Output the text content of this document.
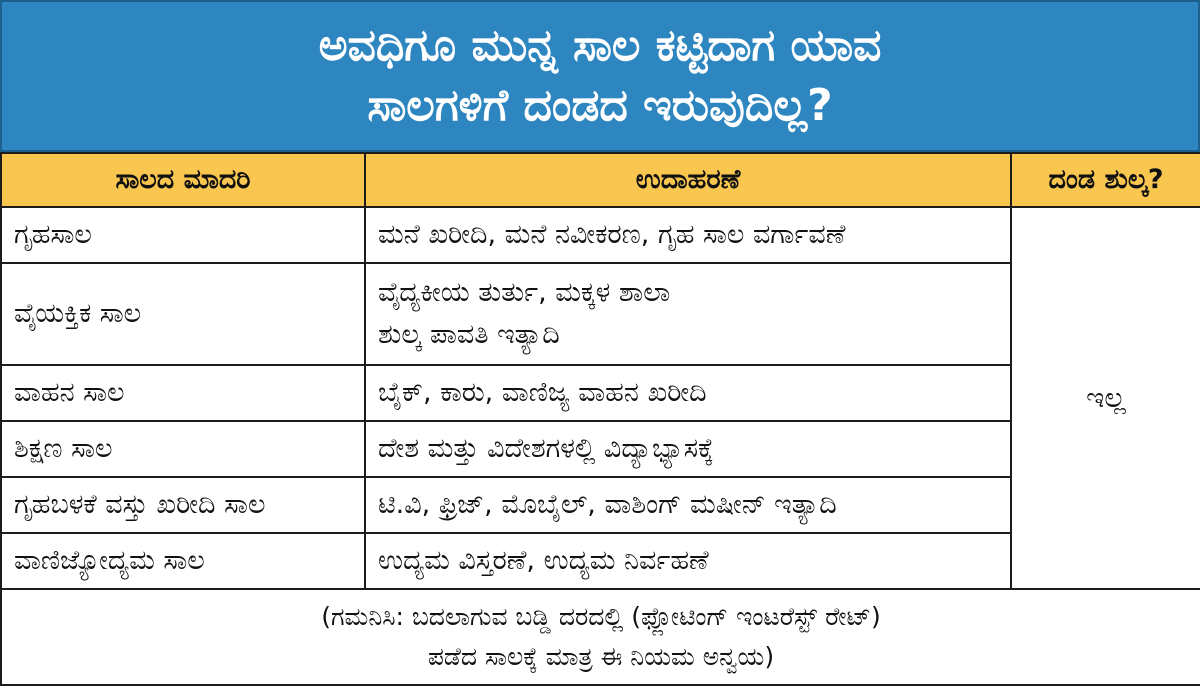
ಅವಧಿಗೂ ಮುನ್ನ ಸಾಲ ಕಟ್ಟಿದಾಗ ಯಾವ
ಸಾಲಗಳಿಗೆ ದಂಡದ ಇರುವುದಿಲ್ಲ?
ಸಾಲದ ಮಾದರಿ	ಉದಾಹರಣೆ	ದಂಡ ಶುಲ್ಕ?
ಗೃಹಸಾಲ	ಮನೆ ಖರೀದಿ, ಮನೆ ನವೀಕರಣ, ಗೃಹ ಸಾಲ ವರ್ಗಾವಣೆ	ಇಲ್ಲ
ವೈಯಕ್ತಿಕ ಸಾಲ	ವೈದ್ಯಕೀಯ ತುರ್ತು, ಮಕ್ಕಳ ಶಾಲಾ
ಶುಲ್ಕ ಪಾವತಿ ಇತ್ಯಾದಿ	

ವಾಹನ ಸಾಲ	ಬೈಕ್, ಕಾರು, ವಾಣಿಜ್ಯ ವಾಹನ ಖರೀದಿ	

ಶಿಕ್ಷಣ ಸಾಲ	ದೇಶ ಮತ್ತು ವಿದೇಶಗಳಲ್ಲಿ ವಿದ್ಯಾಭ್ಯಾಸಕ್ಕೆ	

ಗೃಹಬಳಕೆ ವಸ್ತು ಖರೀದಿ ಸಾಲ	ಟಿ.ವಿ, ಫ್ರಿಜ್, ಮೊಬೈಲ್, ವಾಶಿಂಗ್ ಮಷೀನ್ ಇತ್ಯಾದಿ	

ವಾಣಿಜ್ಯೋದ್ಯಮ ಸಾಲ	ಉದ್ಯಮ ವಿಸ್ತರಣೆ, ಉದ್ಯಮ ನಿರ್ವಹಣೆ	

(ಗಮನಿಸಿ: ಬದಲಾಗುವ ಬಡ್ಡಿ ದರದಲ್ಲಿ (ಫ್ಲೋಟಿಂಗ್ ಇಂಟರೆಸ್ಟ್ ರೇಟ್)
ಪಡೆದ ಸಾಲಕ್ಕೆ ಮಾತ್ರ ಈ ನಿಯಮ ಅನ್ವಯ)		
